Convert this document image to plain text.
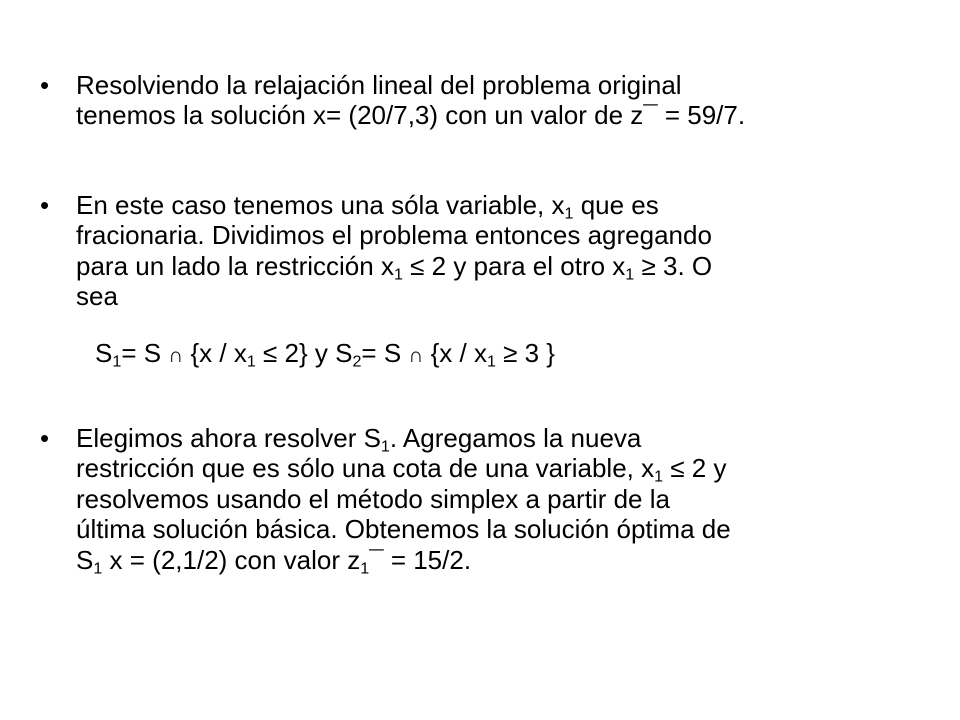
• Resolviendo la relajación lineal del problema original
tenemos la solución x= (20/7,3) con un valor de z¯ = 59/7.
• En este caso tenemos una sóla variable, $x_1$ que es
fracionaria. Dividimos el problema entonces agregando
para un lado la restricción $x_1 \le 2$ y para el otro $x_1 \ge 3$. O
sea
$S_1= S$ ∩ $\{x / x_1 \le 2\}$ y $S_2= S$ ∩ {$x / x_1 \ge 3$ }
• Elegimos ahora resolver $S_1$. Agregamos la nueva
restricción que es sólo una cota de una variable, $x_1 \le 2$ y
resolvemos usando el método simplex a partir de la
última solución básica. Obtenemos la solución óptima de
$S_1$ x = (2,1/2) con valor $z_1¯ = 15/2$.
